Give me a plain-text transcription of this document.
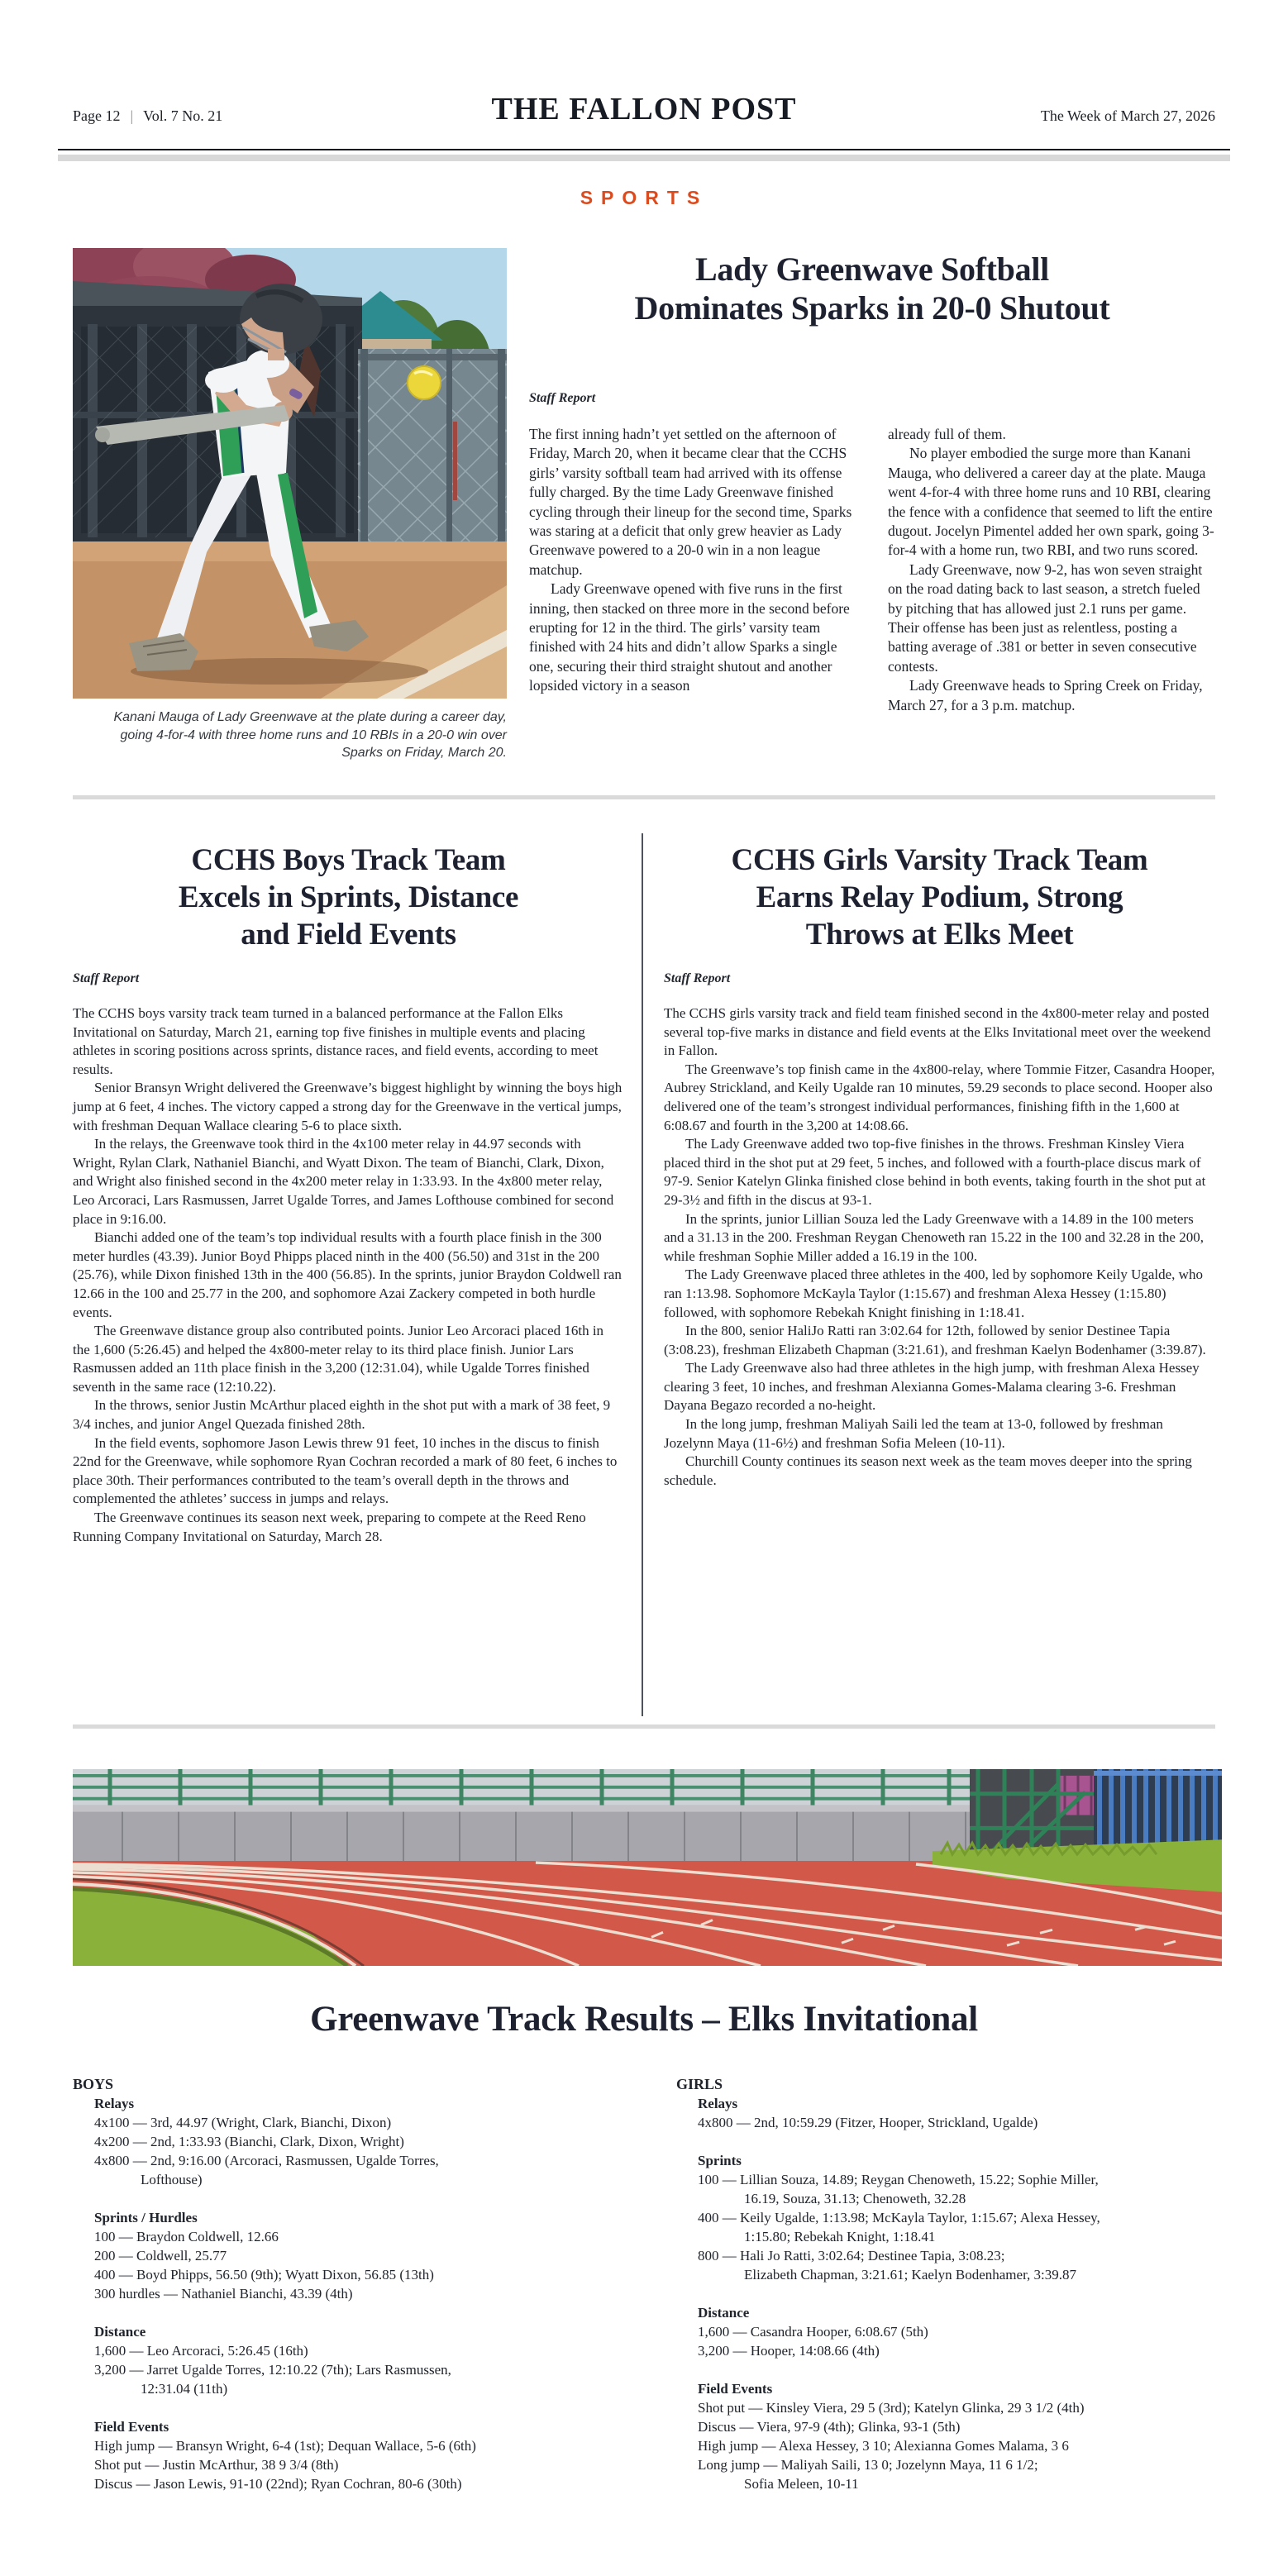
Page 12 | Vol. 7 No. 21	THE FALLON POST	The Week of March 27, 2026
SPORTS
Kanani Mauga of Lady Greenwave at the plate during a career day,
going 4-for-4 with three home runs and 10 RBIs in a 20-0 win over
Sparks on Friday, March 20.
Lady Greenwave Softball
Dominates Sparks in 20-0 Shutout
Staff Report

The first inning hadn’t yet settled on the afternoon of Friday, March 20, when it became clear that the CCHS girls’ varsity softball team had arrived with its offense fully charged. By the time Lady Greenwave finished cycling through their lineup for the second time, Sparks was staring at a deficit that only grew heavier as Lady Greenwave powered to a 20-0 win in a non league matchup.

Lady Greenwave opened with five runs in the first inning, then stacked on three more in the second before erupting for 12 in the third. The girls’ varsity team finished with 24 hits and didn’t allow Sparks a single one, securing their third straight shutout and another lopsided victory in a season

already full of them.

No player embodied the surge more than Kanani Mauga, who delivered a career day at the plate. Mauga went 4-for-4 with three home runs and 10 RBI, clearing the fence with a confidence that seemed to lift the entire dugout. Jocelyn Pimentel added her own spark, going 3-for-4 with a home run, two RBI, and two runs scored.

Lady Greenwave, now 9-2, has won seven straight on the road dating back to last season, a stretch fueled by pitching that has allowed just 2.1 runs per game. Their offense has been just as relentless, posting a batting average of .381 or better in seven consecutive contests.

Lady Greenwave heads to Spring Creek on Friday, March 27, for a 3 p.m. matchup.

CCHS Boys Track Team
Excels in Sprints, Distance
and Field Events
Staff Report

The CCHS boys varsity track team turned in a balanced performance at the Fallon Elks Invitational on Saturday, March 21, earning top five finishes in multiple events and placing athletes in scoring positions across sprints, distance races, and field events, according to meet results.

Senior Bransyn Wright delivered the Greenwave’s biggest highlight by winning the boys high jump at 6 feet, 4 inches. The victory capped a strong day for the Greenwave in the vertical jumps, with freshman Dequan Wallace clearing 5-6 to place sixth.

In the relays, the Greenwave took third in the 4x100 meter relay in 44.97 seconds with Wright, Rylan Clark, Nathaniel Bianchi, and Wyatt Dixon. The team of Bianchi, Clark, Dixon, and Wright also finished second in the 4x200 meter relay in 1:33.93. In the 4x800 meter relay, Leo Arcoraci, Lars Rasmussen, Jarret Ugalde Torres, and James Lofthouse combined for second place in 9:16.00.

Bianchi added one of the team’s top individual results with a fourth place finish in the 300 meter hurdles (43.39). Junior Boyd Phipps placed ninth in the 400 (56.50) and 31st in the 200 (25.76), while Dixon finished 13th in the 400 (56.85). In the sprints, junior Braydon Coldwell ran 12.66 in the 100 and 25.77 in the 200, and sophomore Azai Zackery competed in both hurdle events.

The Greenwave distance group also contributed points. Junior Leo Arcoraci placed 16th in the 1,600 (5:26.45) and helped the 4x800-meter relay to its third place finish. Junior Lars Rasmussen added an 11th place finish in the 3,200 (12:31.04), while Ugalde Torres finished seventh in the same race (12:10.22).

In the throws, senior Justin McArthur placed eighth in the shot put with a mark of 38 feet, 9 3/4 inches, and junior Angel Quezada finished 28th.

In the field events, sophomore Jason Lewis threw 91 feet, 10 inches in the discus to finish 22nd for the Greenwave, while sophomore Ryan Cochran recorded a mark of 80 feet, 6 inches to place 30th. Their performances contributed to the team’s overall depth in the throws and complemented the athletes’ success in jumps and relays.

The Greenwave continues its season next week, preparing to compete at the Reed Reno Running Company Invitational on Saturday, March 28.

CCHS Girls Varsity Track Team
Earns Relay Podium, Strong
Throws at Elks Meet
Staff Report

The CCHS girls varsity track and field team finished second in the 4x800-meter relay and posted several top-five marks in distance and field events at the Elks Invitational meet over the weekend in Fallon.

The Greenwave’s top finish came in the 4x800-relay, where Tommie Fitzer, Casandra Hooper, Aubrey Strickland, and Keily Ugalde ran 10 minutes, 59.29 seconds to place second. Hooper also delivered one of the team’s strongest individual performances, finishing fifth in the 1,600 at 6:08.67 and fourth in the 3,200 at 14:08.66.

The Lady Greenwave added two top-five finishes in the throws. Freshman Kinsley Viera placed third in the shot put at 29 feet, 5 inches, and followed with a fourth-place discus mark of 97-9. Senior Katelyn Glinka finished close behind in both events, taking fourth in the shot put at 29-3½ and fifth in the discus at 93-1.

In the sprints, junior Lillian Souza led the Lady Greenwave with a 14.89 in the 100 meters and a 31.13 in the 200. Freshman Reygan Chenoweth ran 15.22 in the 100 and 32.28 in the 200, while freshman Sophie Miller added a 16.19 in the 100.

The Lady Greenwave placed three athletes in the 400, led by sophomore Keily Ugalde, who ran 1:13.98. Sophomore McKayla Taylor (1:15.67) and freshman Alexa Hessey (1:15.80) followed, with sophomore Rebekah Knight finishing in 1:18.41.

In the 800, senior HaliJo Ratti ran 3:02.64 for 12th, followed by senior Destinee Tapia (3:08.23), freshman Elizabeth Chapman (3:21.61), and freshman Kaelyn Bodenhamer (3:39.87).

The Lady Greenwave also had three athletes in the high jump, with freshman Alexa Hessey clearing 3 feet, 10 inches, and freshman Alexianna Gomes-Malama clearing 3-6. Freshman Dayana Begazo recorded a no-height.

In the long jump, freshman Maliyah Saili led the team at 13-0, followed by freshman Jozelynn Maya (11-6½) and freshman Sofia Meleen (10-11).

Churchill County continues its season next week as the team moves deeper into the spring schedule.

Greenwave Track Results – Elks Invitational
BOYS
Relays
4x100 — 3rd, 44.97 (Wright, Clark, Bianchi, Dixon)
4x200 — 2nd, 1:33.93 (Bianchi, Clark, Dixon, Wright)
4x800 — 2nd, 9:16.00 (Arcoraci, Rasmussen, Ugalde Torres,
Lofthouse)
Sprints / Hurdles
100 — Braydon Coldwell, 12.66
200 — Coldwell, 25.77
400 — Boyd Phipps, 56.50 (9th); Wyatt Dixon, 56.85 (13th)
300 hurdles — Nathaniel Bianchi, 43.39 (4th)
Distance
1,600 — Leo Arcoraci, 5:26.45 (16th)
3,200 — Jarret Ugalde Torres, 12:10.22 (7th); Lars Rasmussen,
12:31.04 (11th)
Field Events
High jump — Bransyn Wright, 6-4 (1st); Dequan Wallace, 5-6 (6th)
Shot put — Justin McArthur, 38 9 3/4 (8th)
Discus — Jason Lewis, 91-10 (22nd); Ryan Cochran, 80-6 (30th)
GIRLS
Relays
4x800 — 2nd, 10:59.29 (Fitzer, Hooper, Strickland, Ugalde)
Sprints
100 — Lillian Souza, 14.89; Reygan Chenoweth, 15.22; Sophie Miller,
16.19, Souza, 31.13; Chenoweth, 32.28
400 — Keily Ugalde, 1:13.98; McKayla Taylor, 1:15.67; Alexa Hessey,
1:15.80; Rebekah Knight, 1:18.41
800 — Hali Jo Ratti, 3:02.64; Destinee Tapia, 3:08.23;
Elizabeth Chapman, 3:21.61; Kaelyn Bodenhamer, 3:39.87
Distance
1,600 — Casandra Hooper, 6:08.67 (5th)
3,200 — Hooper, 14:08.66 (4th)
Field Events
Shot put — Kinsley Viera, 29 5 (3rd); Katelyn Glinka, 29 3 1/2 (4th)
Discus — Viera, 97-9 (4th); Glinka, 93-1 (5th)
High jump — Alexa Hessey, 3 10; Alexianna Gomes Malama, 3 6
Long jump — Maliyah Saili, 13 0; Jozelynn Maya, 11 6 1/2;
Sofia Meleen, 10-11
